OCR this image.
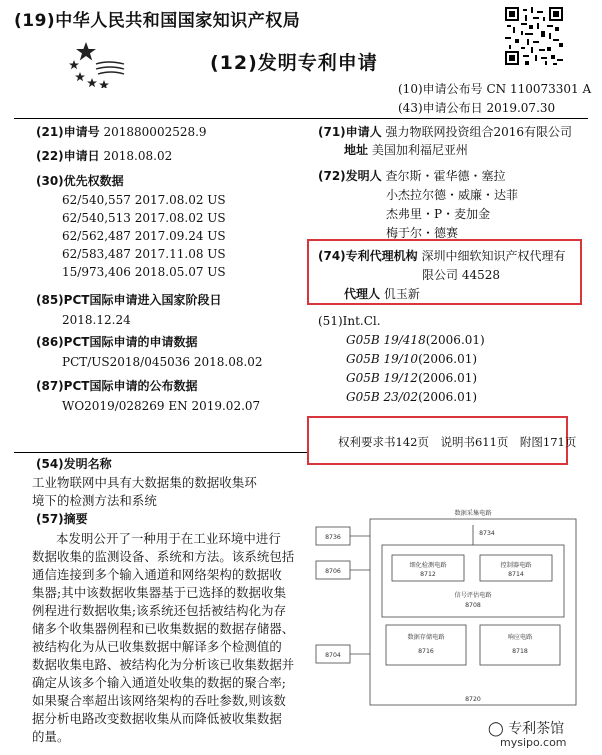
(19)中华人民共和国国家知识产权局
(12)发明专利申请
(10)申请公布号 CN 110073301 A
(43)申请公布日 2019.07.30
(21)申请号 201880002528.9
(22)申请日 2018.08.02
(30)优先权数据
62/540,557 2017.08.02 US
62/540,513 2017.08.02 US
62/562,487 2017.09.24 US
62/583,487 2017.11.08 US
15/973,406 2018.05.07 US
(85)PCT国际申请进入国家阶段日
2018.12.24
(86)PCT国际申请的申请数据
PCT/US2018/045036 2018.08.02
(87)PCT国际申请的公布数据
WO2019/028269 EN 2019.02.07
(71)申请人 强力物联网投资组合2016有限公司
地址 美国加利福尼亚州
(72)发明人 查尔斯・霍华德・塞拉
小杰拉尔德・威廉・达菲
杰弗里・P・麦加金
梅于尔・德赛
(74)专利代理机构 深圳中细软知识产权代理有
限公司 44528
代理人 仉玉新
(51)Int.Cl.
G05B 19/418(2006.01)
G05B 19/10(2006.01)
G05B 19/12(2006.01)
G05B 23/02(2006.01)
权利要求书142页　说明书611页　附图171页
(54)发明名称
工业物联网中具有大数据集的数据收集环
境下的检测方法和系统
(57)摘要
本发明公开了一种用于在工业环境中进行
数据收集的监测设备、系统和方法。该系统包括
通信连接到多个输入通道和网络架构的数据收
集器;其中该数据收集器基于已选择的数据收集
例程进行数据收集;该系统还包括被结构化为存
储多个收集器例程和已收集数据的数据存储器、
被结构化为从已收集数据中解译多个检测值的
数据收集电路、被结构化为分析该已收集数据并
确定从该多个输入通道处收集的数据的聚合率;
如果聚合率超出该网络架构的吞吐参数,则该数
据分析电路改变数据收集从而降低被收集数据
的量。
数据采集电路
8736
8706
8704
8734
细化检测电路
8712
控制器电路
8714
信号评估电路
8708
数据存储电路
8716
响应电路
8718
8720
◯ 专利茶馆
mysipo.com
